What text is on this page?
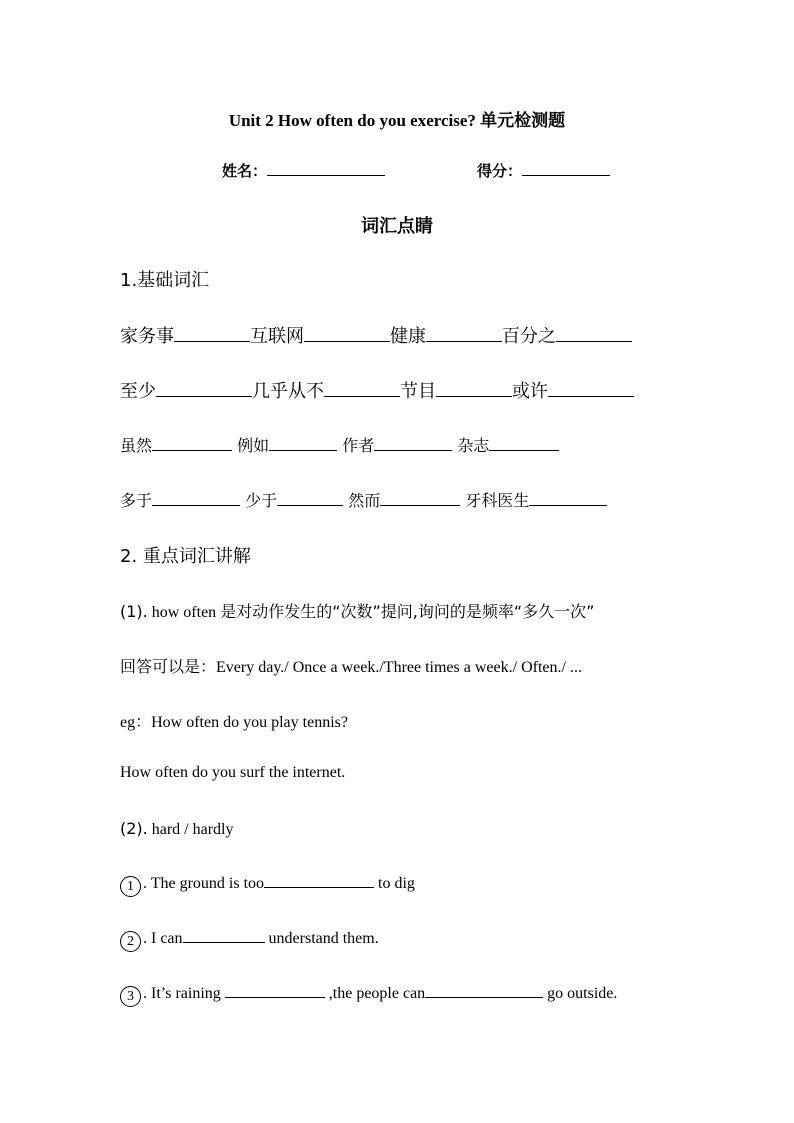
Unit 2 How often do you exercise? 单元检测题
姓名：	得分：
词汇点睛
1.基础词汇
家务事	互联网	健康	百分之
至少	几乎从不	节目	或许
虽然	例如	作者	杂志
多于	少于	然而	牙科医生
2. 重点词汇讲解
(1). how often 是对动作发生的“次数”提问,询问的是频率“多久一次”
回答可以是：Every day./ Once a week./Three times a week./ Often./ ...
eg：How often do you play tennis?
How often do you surf the internet.
(2). hard / hardly
1 . The ground is too	to dig
2 . I can	understand them.
3 . It’s raining	,the people can	go outside.
